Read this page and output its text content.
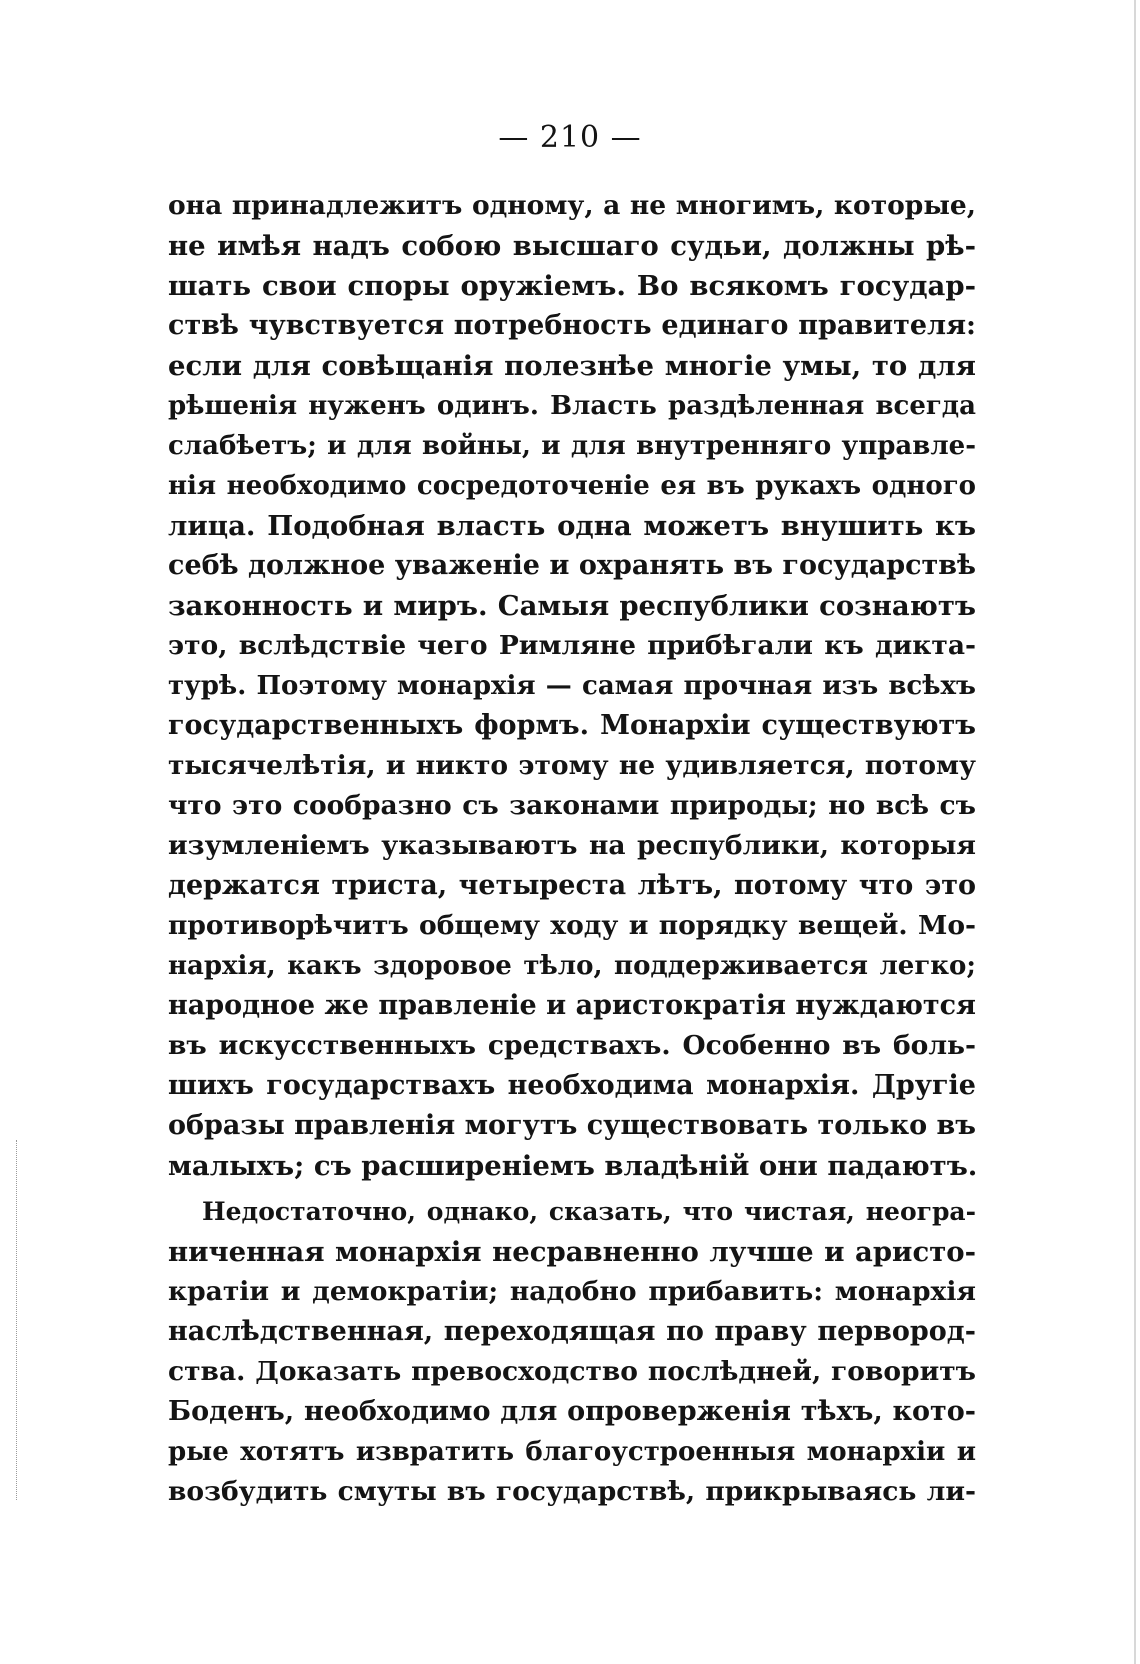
— 210 —
она принадлежитъ одному, а не многимъ, которые,
не имѣя надъ собою высшаго судьи, должны рѣ-
шать свои споры оружіемъ. Во всякомъ государ-
ствѣ чувствуется потребность единаго правителя:
если для совѣщанія полезнѣе многіе умы, то для
рѣшенія нуженъ одинъ. Власть раздѣленная всегда
слабѣетъ; и для войны, и для внутренняго управле-
нія необходимо сосредоточеніе ея въ рукахъ одного
лица. Подобная власть одна можетъ внушить къ
себѣ должное уваженіе и охранять въ государствѣ
законность и миръ. Самыя республики сознаютъ
это, вслѣдствіе чего Римляне прибѣгали къ дикта-
турѣ. Поэтому монархія — самая прочная изъ всѣхъ
государственныхъ формъ. Монархіи существуютъ
тысячелѣтія, и никто этому не удивляется, потому
что это сообразно съ законами природы; но всѣ съ
изумленіемъ указываютъ на республики, которыя
держатся триста, четыреста лѣтъ, потому что это
противорѣчитъ общему ходу и порядку вещей. Мо-
нархія, какъ здоровое тѣло, поддерживается легко;
народное же правленіе и аристократія нуждаются
въ искусственныхъ средствахъ. Особенно въ боль-
шихъ государствахъ необходима монархія. Другіе
образы правленія могутъ существовать только въ
малыхъ; съ расширеніемъ владѣній они падаютъ.
Недостаточно, однако, сказать, что чистая, неогра-
ниченная монархія несравненно лучше и аристо-
кратіи и демократіи; надобно прибавить: монархія
наслѣдственная, переходящая по праву первород-
ства. Доказать превосходство послѣдней, говоритъ
Боденъ, необходимо для опроверженія тѣхъ, кото-
рые хотятъ извратить благоустроенныя монархіи и
возбудить смуты въ государствѣ, прикрываясь ли-
